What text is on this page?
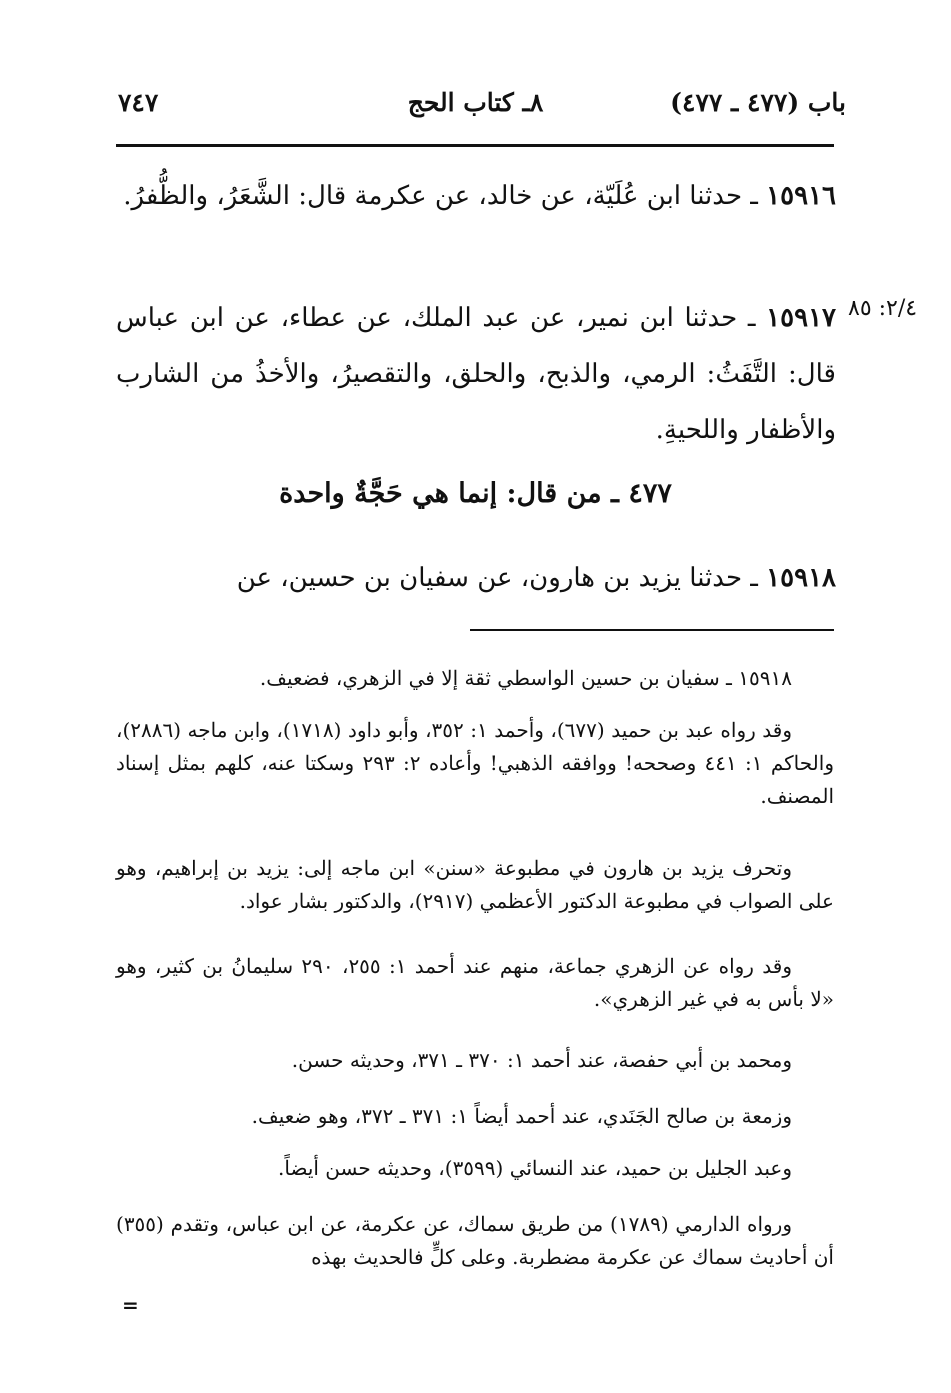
باب (٤٧٧ ـ ٤٧٧)
٨ـ كتاب الحج
٧٤٧
١٥٩١٦ ـ حدثنا ابن عُلَيّة، عن خالد، عن عكرمة قال: الشَّعَرُ، والظُّفرُ.
٢/٤: ٨٥
١٥٩١٧ ـ حدثنا ابن نمير، عن عبد الملك، عن عطاء، عن ابن عباس قال: التَّفَثُ: الرمي، والذبح، والحلق، والتقصيرُ، والأخذُ من الشارب والأظفار واللحيةِ.
٤٧٧ ـ من قال: إنما هي حَجَّةٌ واحدة
١٥٩١٨ ـ حدثنا يزيد بن هارون، عن سفيان بن حسين، عن
١٥٩١٨ ـ سفيان بن حسين الواسطي ثقة إلا في الزهري، فضعيف.
وقد رواه عبد بن حميد (٦٧٧)، وأحمد ١: ٣٥٢، وأبو داود (١٧١٨)، وابن ماجه (٢٨٨٦)، والحاكم ١: ٤٤١ وصححه! ووافقه الذهبي! وأعاده ٢: ٢٩٣ وسكتا عنه، كلهم بمثل إسناد المصنف.
وتحرف يزيد بن هارون في مطبوعة «سنن» ابن ماجه إلى: يزيد بن إبراهيم، وهو على الصواب في مطبوعة الدكتور الأعظمي (٢٩١٧)، والدكتور بشار عواد.
وقد رواه عن الزهري جماعة، منهم عند أحمد ١: ٢٥٥، ٢٩٠ سليمانُ بن كثير، وهو «لا بأس به في غير الزهري».
ومحمد بن أبي حفصة، عند أحمد ١: ٣٧٠ ـ ٣٧١، وحديثه حسن.
وزمعة بن صالح الجَنَدي، عند أحمد أيضاً ١: ٣٧١ ـ ٣٧٢، وهو ضعيف.
وعبد الجليل بن حميد، عند النسائي (٣٥٩٩)، وحديثه حسن أيضاً.
ورواه الدارمي (١٧٨٩) من طريق سماك، عن عكرمة، عن ابن عباس، وتقدم (٣٥٥) أن أحاديث سماك عن عكرمة مضطربة. وعلى كلٍّ فالحديث بهذه
=
